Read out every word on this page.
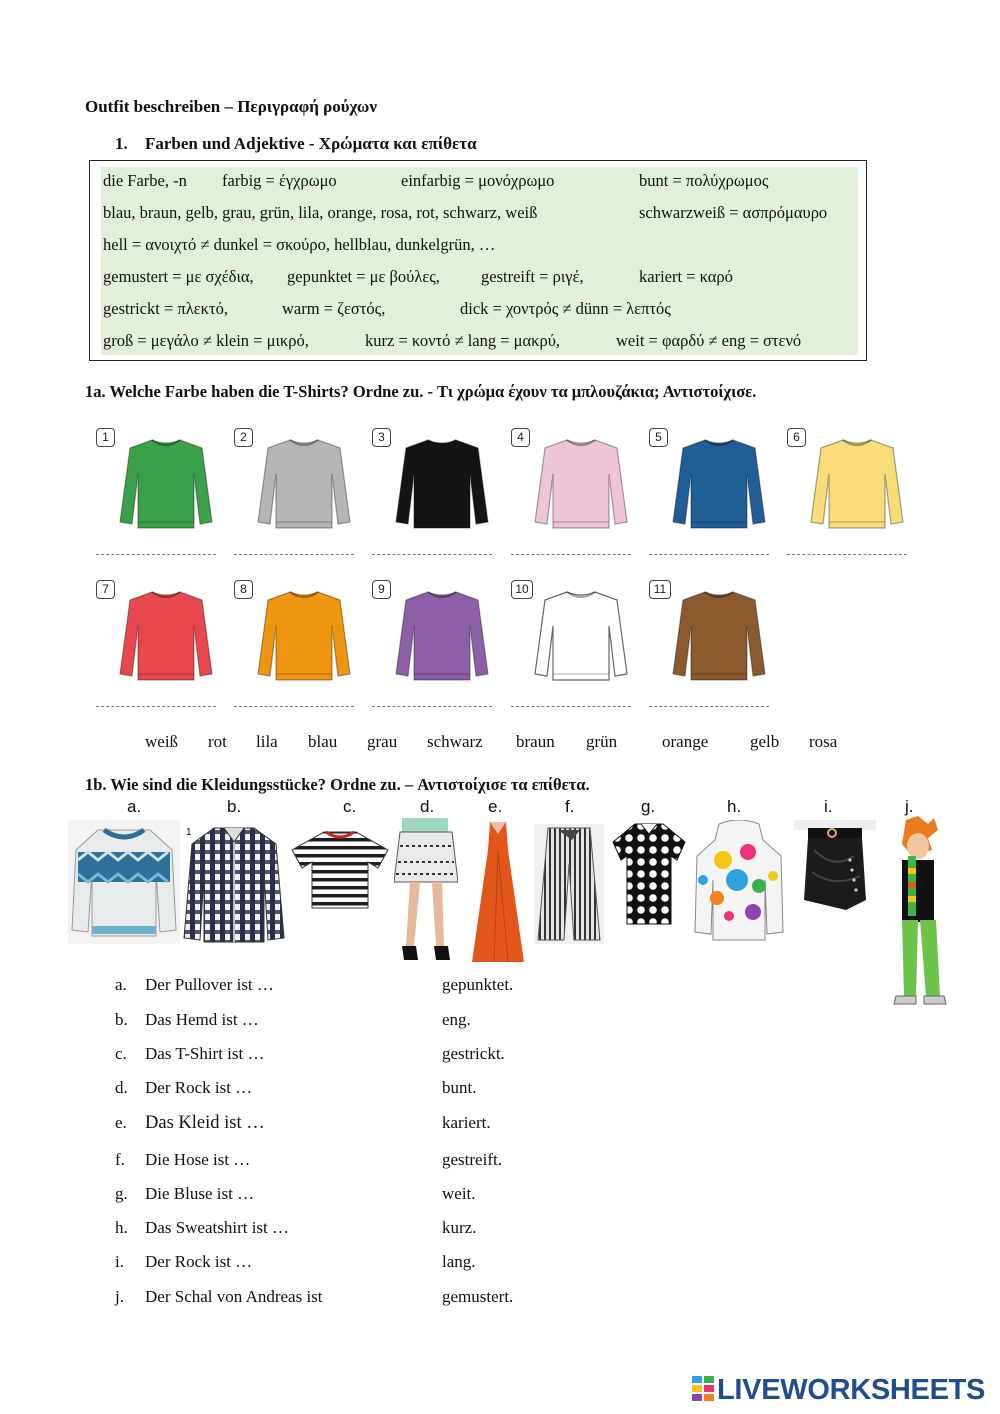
Outfit beschreiben – Περιγραφή ρούχων
1. Farben und Adjektive - Χρώματα και επίθετα
die Farbe, -n farbig = έγχρωμο	einfarbig = μονόχρωμο	bunt = πολύχρωμος
blau, braun, gelb, grau, grün, lila, orange, rosa, rot, schwarz, weiß	schwarzweiß = ασπρόμαυρο
hell = ανοιχτό ≠ dunkel = σκούρο, hellblau, dunkelgrün, …
gemustert = με σχέδια, gepunktet = με βούλες, gestreift = ριγέ,	kariert = καρό
gestrickt = πλεκτό,	warm = ζεστός,	dick = χοντρός ≠ dünn = λεπτός
groß = μεγάλο ≠ klein = μικρό,	kurz = κοντό ≠ lang = μακρύ,	weit = φαρδύ ≠ eng = στενό
1a. Welche Farbe haben die T-Shirts? Ordne zu. - Τι χρώμα έχουν τα μπλουζάκια; Αντιστοίχισε.
1	2	3	4	5	6
7	8	9	10	11
weiß rot lila blau grau schwarz braun grün	orange gelb rosa
1b. Wie sind die Kleidungsstücke? Ordne zu. – Αντιστοίχισε τα επίθετα.
a.	b.	c.	d.	e.	f.	g.	h.	i.	j.
1
a. Der Pullover ist …	gepunktet.
b. Das Hemd ist …	eng.
c. Das T-Shirt ist …	gestrickt.
d. Der Rock ist …	bunt.
e. Das Kleid ist …	kariert.
f. Die Hose ist …	gestreift.
g. Die Bluse ist …	weit.
h. Das Sweatshirt ist …	kurz.
i. Der Rock ist …	lang.
j. Der Schal von Andreas ist	gemustert.
LIVEWORKSHEETS
